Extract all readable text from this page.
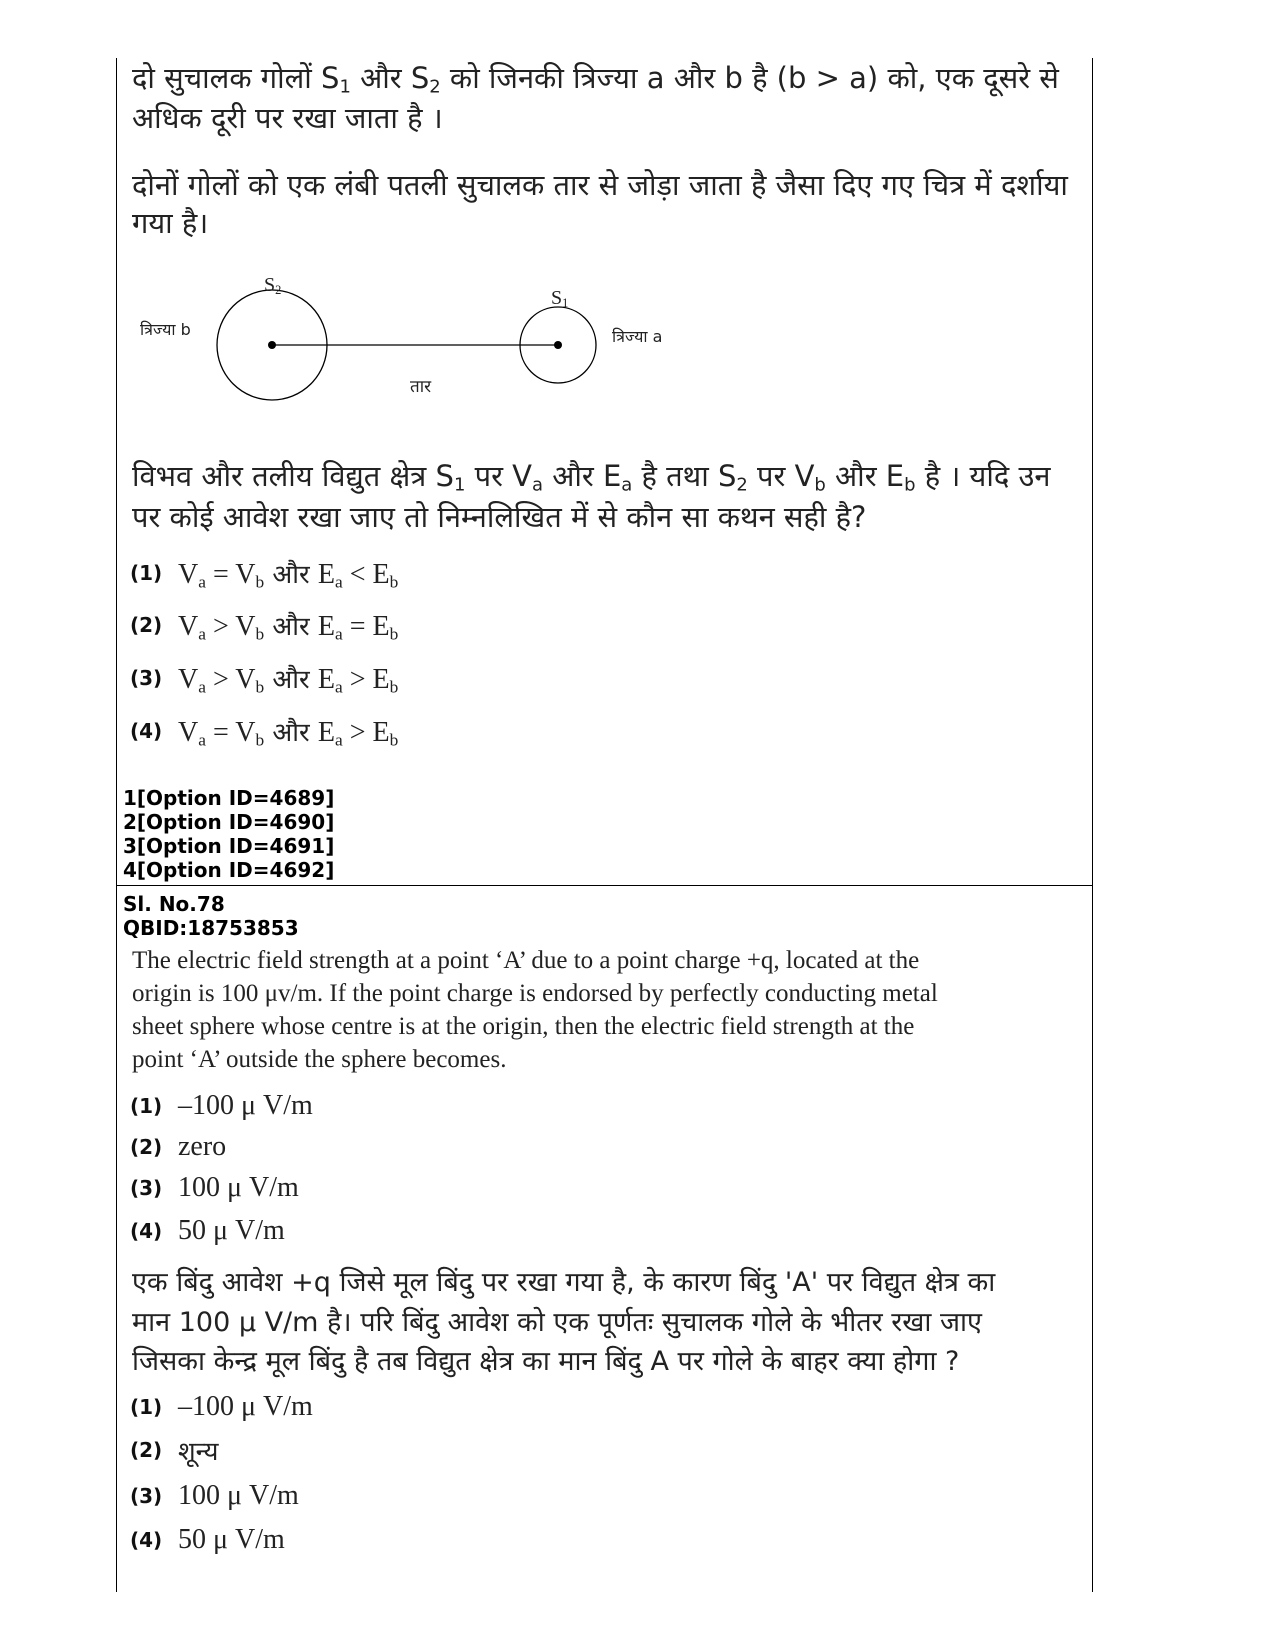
दो सुचालक गोलों $S_1$ और $S_2$ को जिनकी त्रिज्या a और b है (b > a) को, एक दूसरे से

अधिक दूरी पर रखा जाता है ।

दोनों गोलों को एक लंबी पतली सुचालक तार से जोड़ा जाता है जैसा दिए गए चित्र में दर्शाया

गया है।

$S_2$	$S_1$
त्रिज्या b	त्रिज्या a
तार

विभव और तलीय विद्युत क्षेत्र $S_1$ पर $V_a$ और $E_a$ है तथा $S_2$ पर $V_b$ और $E_b$ है । यदि उन

पर कोई आवेश रखा जाए तो निम्नलिखित में से कौन सा कथन सही है?

(1) $V_a = V_b$ और $E_a < E_b$
(2) $V_a > V_b$ और $E_a = E_b$
(3) $V_a > V_b$ और $E_a > E_b$
(4) $V_a = V_b$ और $E_a > E_b$

1[Option ID=4689]

2[Option ID=4690]

3[Option ID=4691]

4[Option ID=4692]

Sl. No.78

QBID:18753853

The electric field strength at a point ‘A’ due to a point charge +q, located at the

origin is 100 μv/m. If the point charge is endorsed by perfectly conducting metal

sheet sphere whose centre is at the origin, then the electric field strength at the

point ‘A’ outside the sphere becomes.

(1) –100 μ V/m
(2) zero
(3) 100 μ V/m
(4) 50 μ V/m

एक बिंदु आवेश +q जिसे मूल बिंदु पर रखा गया है, के कारण बिंदु 'A' पर विद्युत क्षेत्र का

मान 100 μ V/m है। परि बिंदु आवेश को एक पूर्णतः सुचालक गोले के भीतर रखा जाए

जिसका केन्द्र मूल बिंदु है तब विद्युत क्षेत्र का मान बिंदु A पर गोले के बाहर क्या होगा ?

(1) –100 μ V/m
(2) शून्य
(3) 100 μ V/m
(4) 50 μ V/m
